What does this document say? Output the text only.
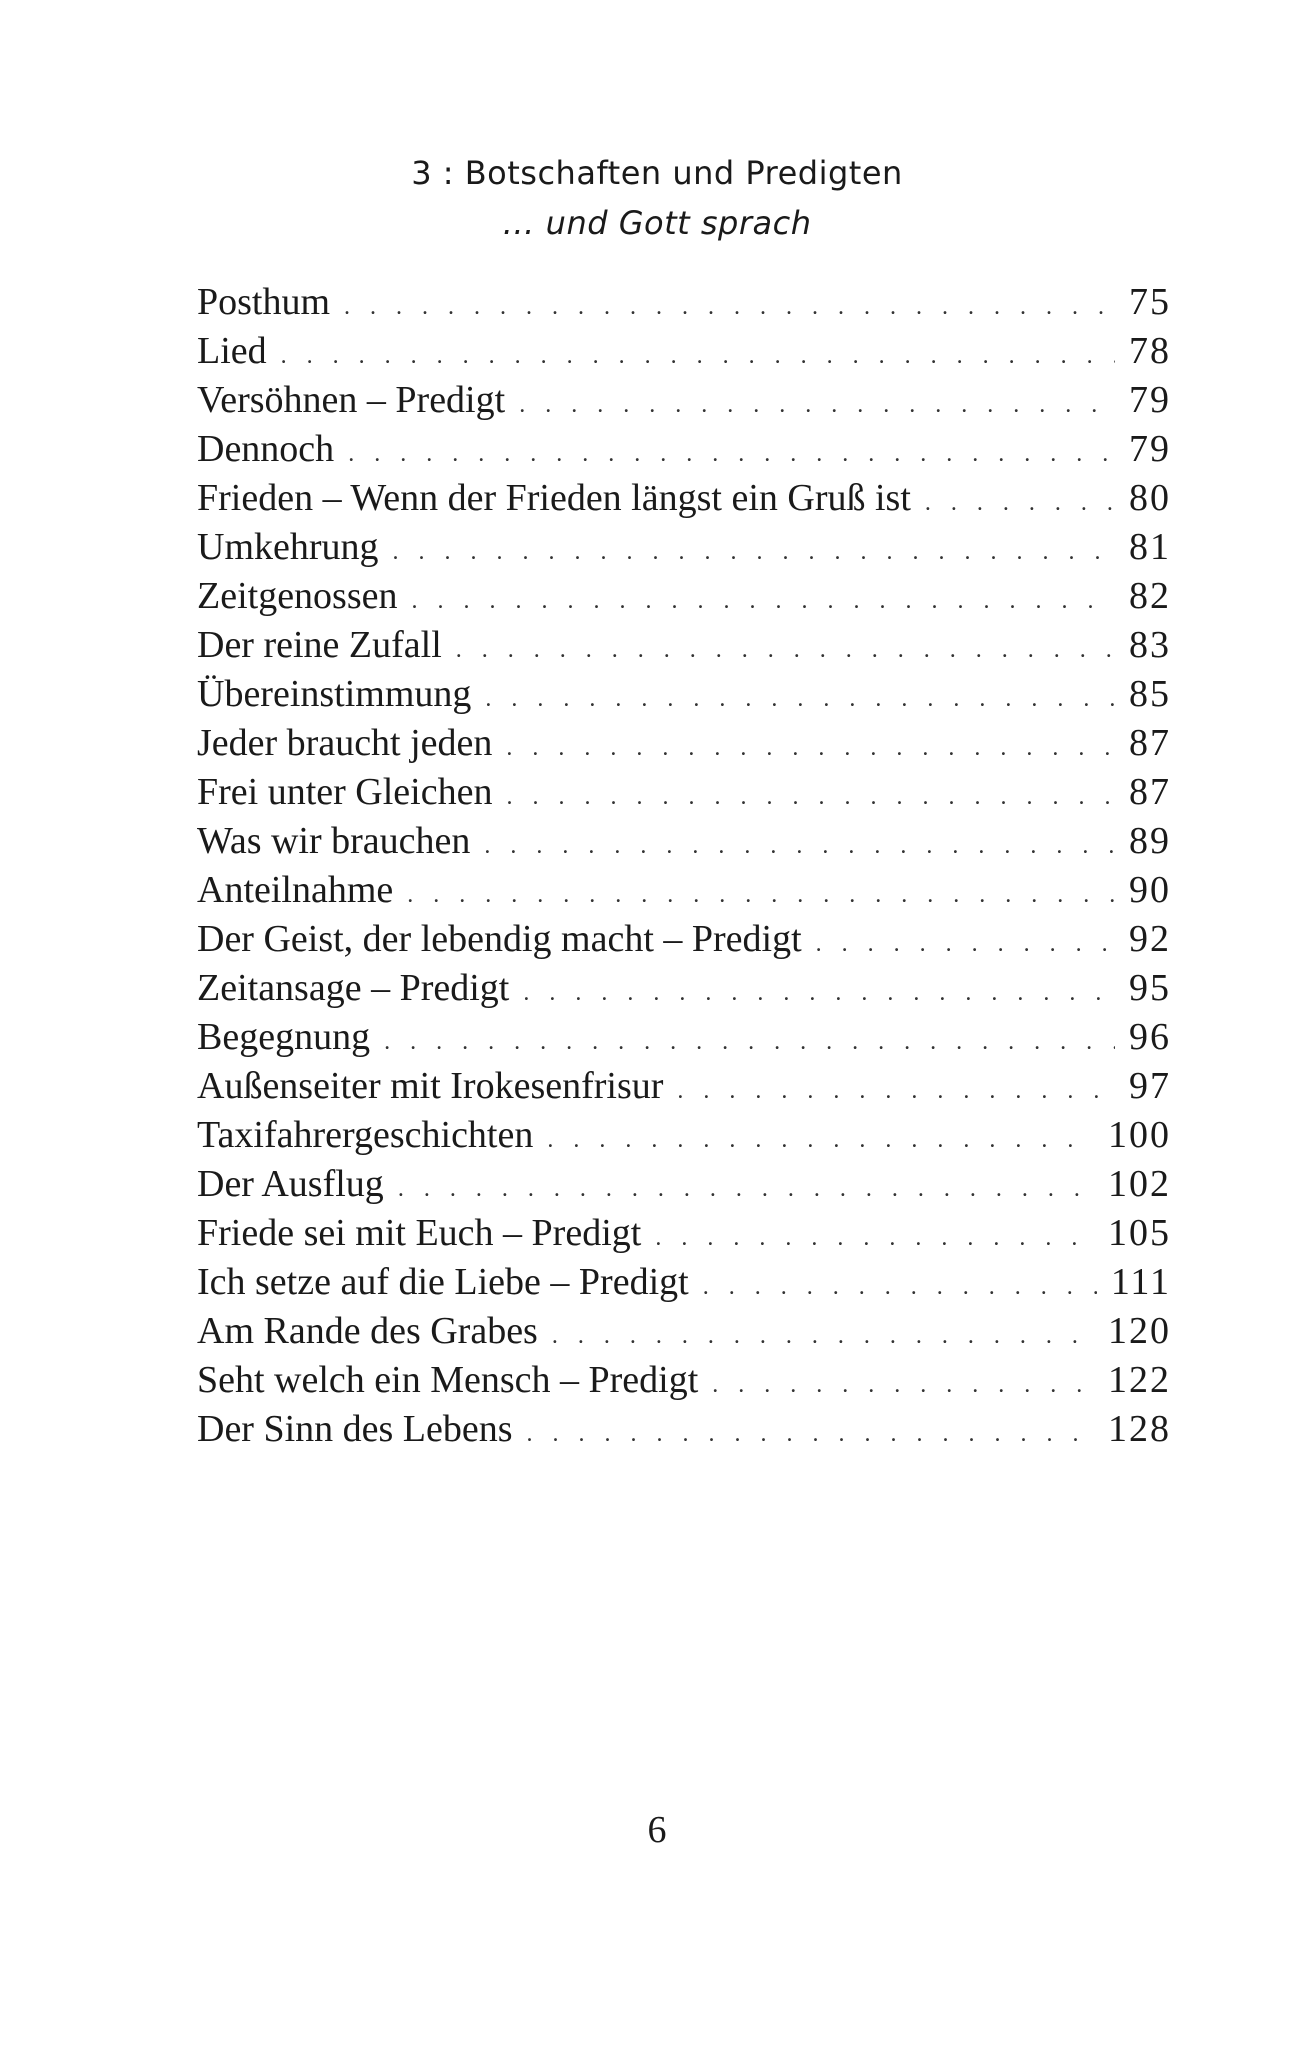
3 : Botschaften und Predigten
… und Gott sprach
Posthum . . .	75
Lied . . .	78
Versöhnen – Predigt . . .	79
Dennoch . . .	79
Frieden – Wenn der Frieden längst ein Gruß ist . . .	80
Umkehrung . . .	81
Zeitgenossen . . .	82
Der reine Zufall . . .	83
Übereinstimmung . . .	85
Jeder braucht jeden . . .	87
Frei unter Gleichen . . .	87
Was wir brauchen . . .	89
Anteilnahme . . .	90
Der Geist, der lebendig macht – Predigt . . .	92
Zeitansage – Predigt . . .	95
Begegnung . . .	96
Außenseiter mit Irokesenfrisur . . .	97
Taxifahrergeschichten . . .	100
Der Ausflug . . .	102
Friede sei mit Euch – Predigt . . .	105
Ich setze auf die Liebe – Predigt . . .	111
Am Rande des Grabes . . .	120
Seht welch ein Mensch – Predigt . . .	122
Der Sinn des Lebens . . .	128
6
